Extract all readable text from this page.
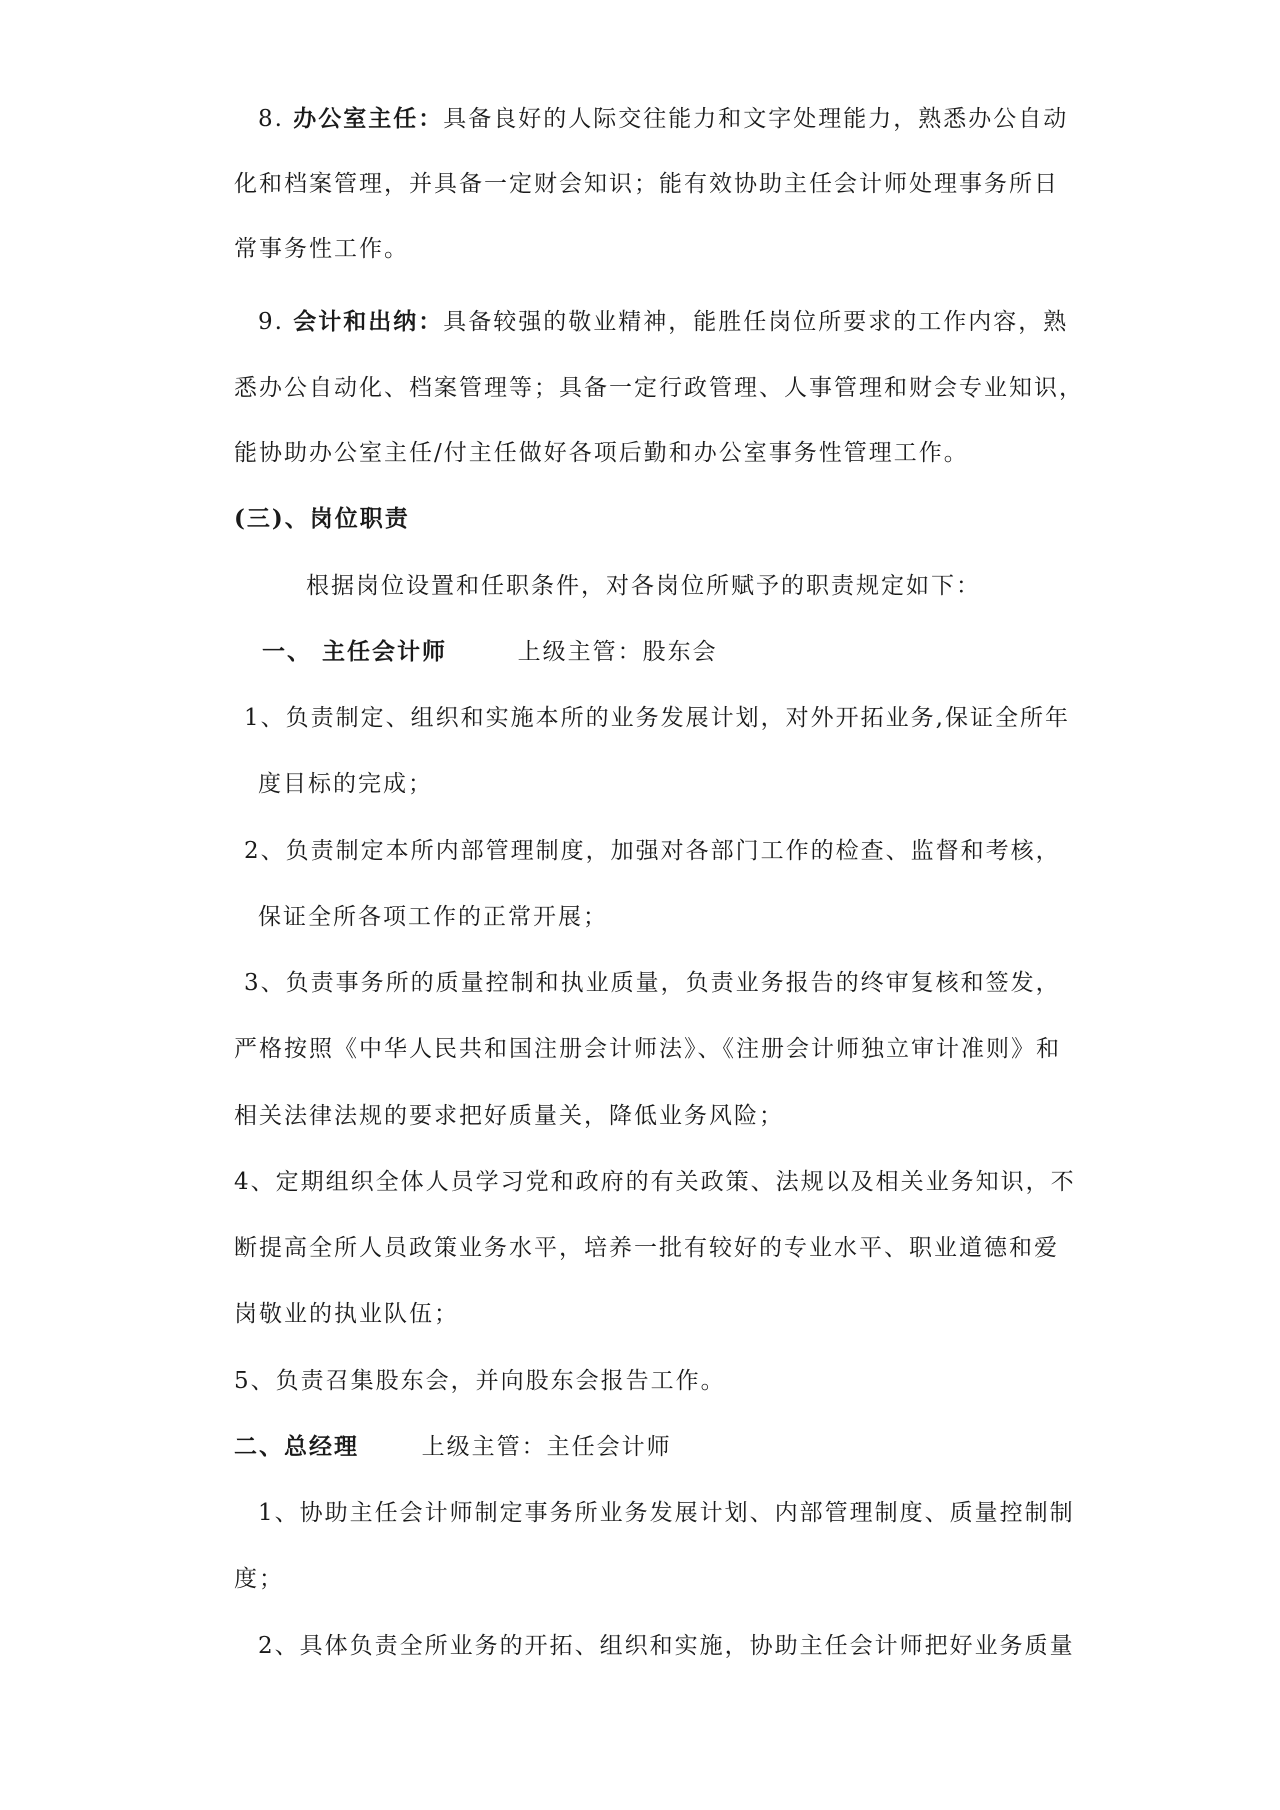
8. 办公室主任：具备良好的人际交往能力和文字处理能力，熟悉办公自动
化和档案管理，并具备一定财会知识；能有效协助主任会计师处理事务所日
常事务性工作。
9. 会计和出纳：具备较强的敬业精神，能胜任岗位所要求的工作内容，熟
悉办公自动化、档案管理等；具备一定行政管理、人事管理和财会专业知识，
能协助办公室主任/付主任做好各项后勤和办公室事务性管理工作。
(三)、岗位职责
根据岗位设置和任职条件，对各岗位所赋予的职责规定如下：
一、 主任会计师	上级主管：股东会
1、负责制定、组织和实施本所的业务发展计划，对外开拓业务,保证全所年
度目标的完成；
2、负责制定本所内部管理制度，加强对各部门工作的检查、监督和考核，
保证全所各项工作的正常开展；
3、负责事务所的质量控制和执业质量，负责业务报告的终审复核和签发，
严格按照《中华人民共和国注册会计师法》、《注册会计师独立审计准则》和
相关法律法规的要求把好质量关，降低业务风险；
4、定期组织全体人员学习党和政府的有关政策、法规以及相关业务知识，不
断提高全所人员政策业务水平，培养一批有较好的专业水平、职业道德和爱
岗敬业的执业队伍；
5、负责召集股东会，并向股东会报告工作。
二、总经理	上级主管：主任会计师
1、协助主任会计师制定事务所业务发展计划、内部管理制度、质量控制制
度；
2、具体负责全所业务的开拓、组织和实施，协助主任会计师把好业务质量
